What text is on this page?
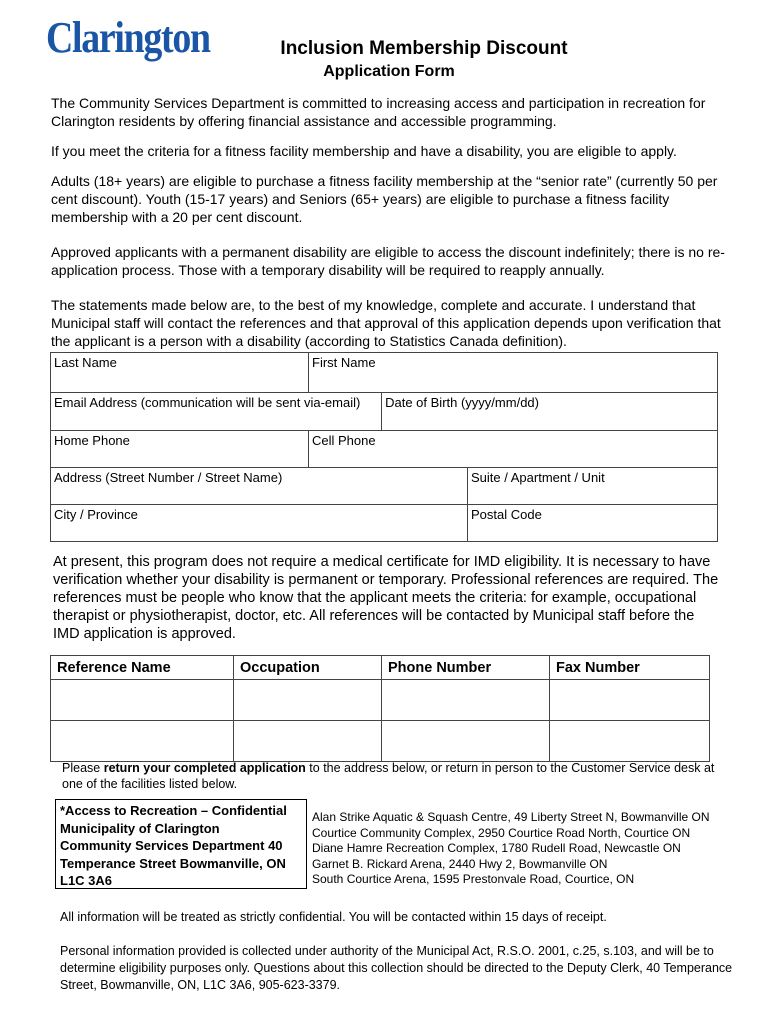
Clarington	Inclusion Membership Discount
Application Form
The Community Services Department is committed to increasing access and participation in recreation for Clarington residents by offering financial assistance and accessible programming.
If you meet the criteria for a fitness facility membership and have a disability, you are eligible to apply.
Adults (18+ years) are eligible to purchase a fitness facility membership at the “senior rate” (currently 50 per cent discount). Youth (15-17 years) and Seniors (65+ years) are eligible to purchase a fitness facility membership with a 20 per cent discount.
Approved applicants with a permanent disability are eligible to access the discount indefinitely; there is no re-application process. Those with a temporary disability will be required to reapply annually.
The statements made below are, to the best of my knowledge, complete and accurate. I understand that Municipal staff will contact the references and that approval of this application depends upon verification that the applicant is a person with a disability (according to Statistics Canada definition).
Last Name	First Name		
Email Address (communication will be sent via-email)		Date of Birth (yyyy/mm/dd)	
Home Phone	Cell Phone		
Address (Street Number / Street Name)			Suite / Apartment / Unit
City / Province			Postal Code
At present, this program does not require a medical certificate for IMD eligibility. It is necessary to have verification whether your disability is permanent or temporary. Professional references are required. The references must be people who know that the applicant meets the criteria: for example, occupational therapist or physiotherapist, doctor, etc. All references will be contacted by Municipal staff before the IMD application is approved.
Reference Name	Occupation	Phone Number	Fax Number

Please return your completed application to the address below, or return in person to the Customer Service desk at one of the facilities listed below.
*Access to Recreation – Confidential
Municipality of Clarington
Community Services Department 40
Temperance Street Bowmanville, ON
L1C 3A6
Alan Strike Aquatic & Squash Centre, 49 Liberty Street N, Bowmanville ON
Courtice Community Complex, 2950 Courtice Road North, Courtice ON
Diane Hamre Recreation Complex, 1780 Rudell Road, Newcastle ON
Garnet B. Rickard Arena, 2440 Hwy 2, Bowmanville ON
South Courtice Arena, 1595 Prestonvale Road, Courtice, ON
All information will be treated as strictly confidential. You will be contacted within 15 days of receipt.
Personal information provided is collected under authority of the Municipal Act, R.S.O. 2001, c.25, s.103, and will be to determine eligibility purposes only. Questions about this collection should be directed to the Deputy Clerk, 40 Temperance Street, Bowmanville, ON, L1C 3A6, 905-623-3379.
